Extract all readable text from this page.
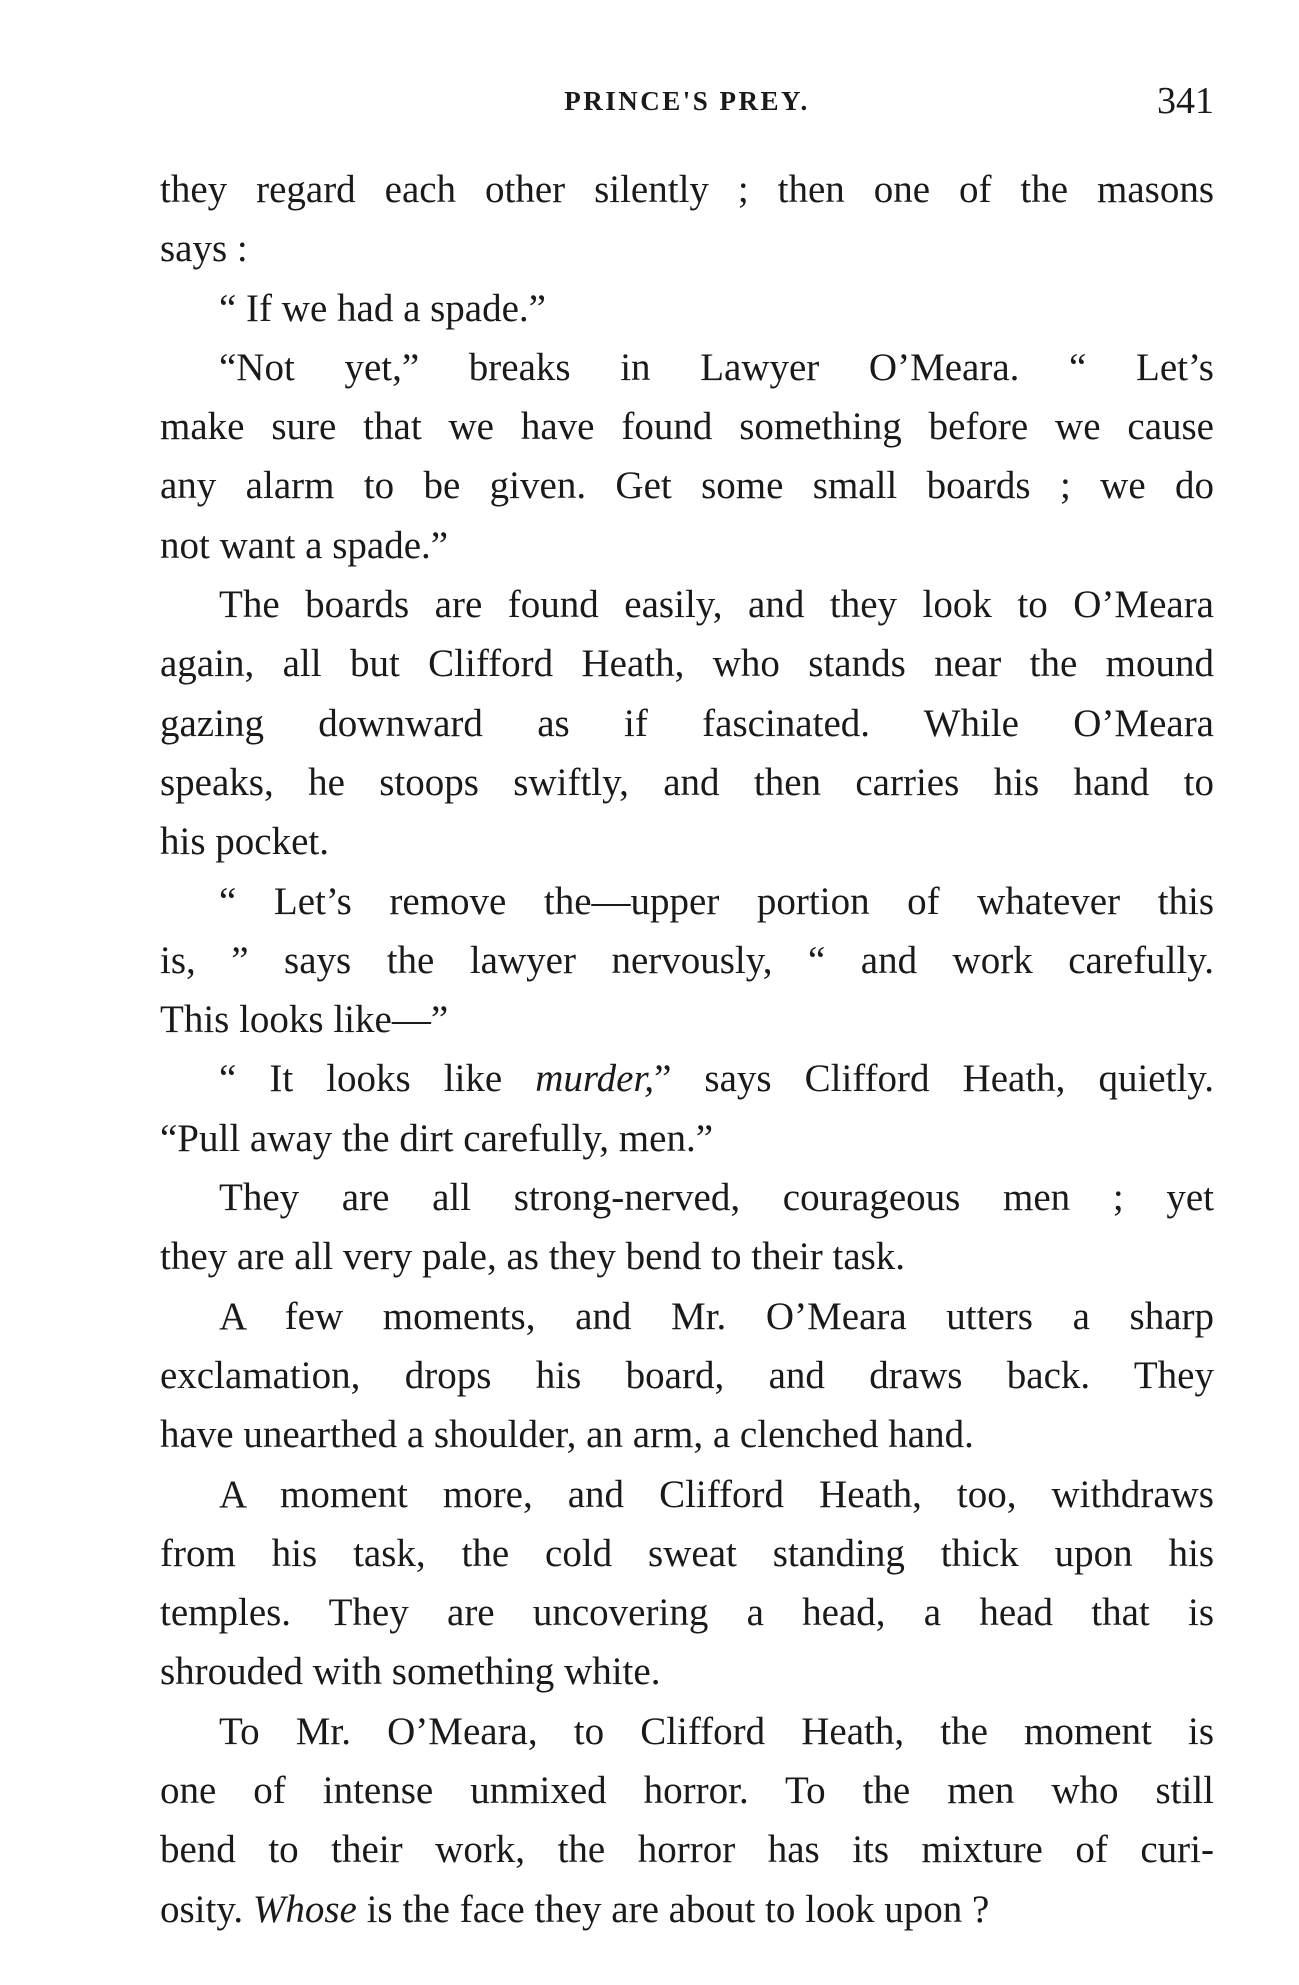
PRINCE'S PREY.	341
they regard each other silently ; then one of the masons
says :
“ If we had a spade.”
“Not yet,” breaks in Lawyer O’Meara. “ Let’s
make sure that we have found something before we cause
any alarm to be given. Get some small boards ; we do
not want a spade.”
The boards are found easily, and they look to O’Meara
again, all but Clifford Heath, who stands near the mound
gazing downward as if fascinated. While O’Meara
speaks, he stoops swiftly, and then carries his hand to
his pocket.
“ Let’s remove the—upper portion of whatever this
is, ” says the lawyer nervously, “ and work carefully.
This looks like—”
“ It looks like murder,” says Clifford Heath, quietly.
“Pull away the dirt carefully, men.”
They are all strong-nerved, courageous men ; yet
they are all very pale, as they bend to their task.
A few moments, and Mr. O’Meara utters a sharp
exclamation, drops his board, and draws back. They
have unearthed a shoulder, an arm, a clenched hand.
A moment more, and Clifford Heath, too, withdraws
from his task, the cold sweat standing thick upon his
temples. They are uncovering a head, a head that is
shrouded with something white.
To Mr. O’Meara, to Clifford Heath, the moment is
one of intense unmixed horror. To the men who still
bend to their work, the horror has its mixture of curi-
osity. Whose is the face they are about to look upon ?
